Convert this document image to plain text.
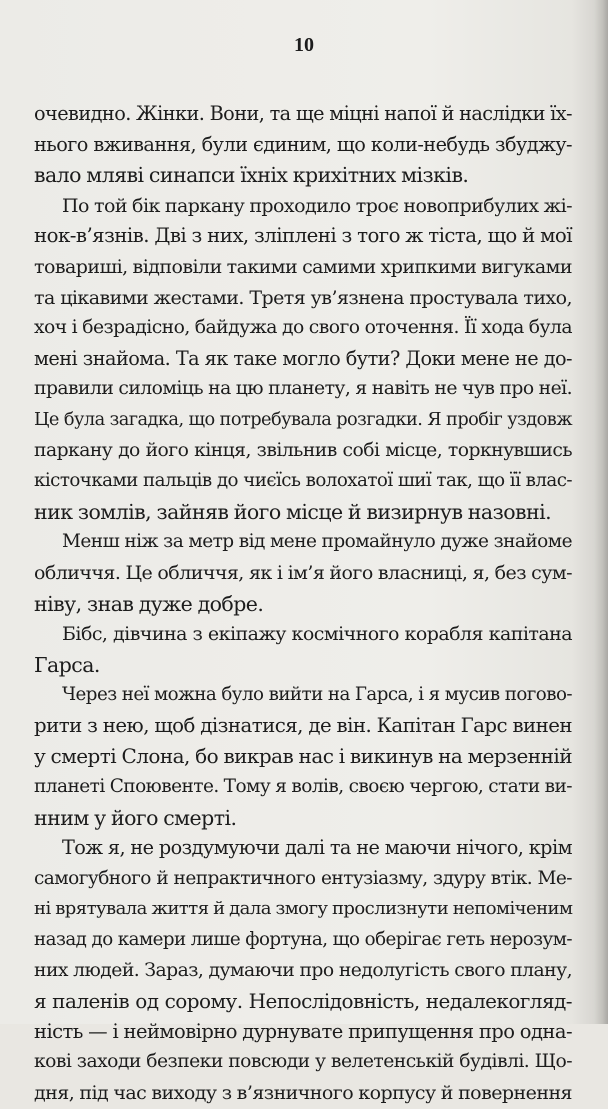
10
очевидно. Жінки. Вони, та ще міцні напої й наслідки їх-
нього вживання, були єдиним, що коли-небудь збуджу-
вало мляві синапси їхніх крихітних мізків.
По той бік паркану проходило троє новоприбулих жі-
нок-в’язнів. Дві з них, зліплені з того ж тіста, що й мої
товариші, відповіли такими самими хрипкими вигуками
та цікавими жестами. Третя ув’язнена простувала тихо,
хоч і безрадісно, байдужа до свого оточення. Її хода була
мені знайома. Та як таке могло бути? Доки мене не до-
правили силоміць на цю планету, я навіть не чув про неї.
Це була загадка, що потребувала розгадки. Я пробіг уздовж
паркану до його кінця, звільнив собі місце, торкнувшись
кісточками пальців до чиєїсь волохатої шиї так, що її влас-
ник зомлів, зайняв його місце й визирнув назовні.
Менш ніж за метр від мене промайнуло дуже знайоме
обличчя. Це обличчя, як і ім’я його власниці, я, без сум-
ніву, знав дуже добре.
Бібс, дівчина з екіпажу космічного корабля капітана
Гарса.
Через неї можна було вийти на Гарса, і я мусив поговo-
рити з нею, щоб дізнатися, де він. Капітан Гарс винен
у смерті Слона, бо викрав нас і викинув на мерзенній
планеті Споювенте. Тому я волів, своєю чергою, стати ви-
нним у його смерті.
Тож я, не роздумуючи далі та не маючи нічого, крім
самогубного й непрактичного ентузіазму, здуру втік. Ме-
ні врятувала життя й дала змогу прослизнути непоміченим
назад до камери лише фортуна, що оберігає геть нерозум-
них людей. Зараз, думаючи про недолугість свого плану,
я паленів од сорому. Непослідовність, недалекогляд-
ність — і неймовірно дурнувате припущення про одна-
кові заходи безпеки повсюди у велетенській будівлі. Що-
дня, під час виходу з в’язничного корпусу й повернення
